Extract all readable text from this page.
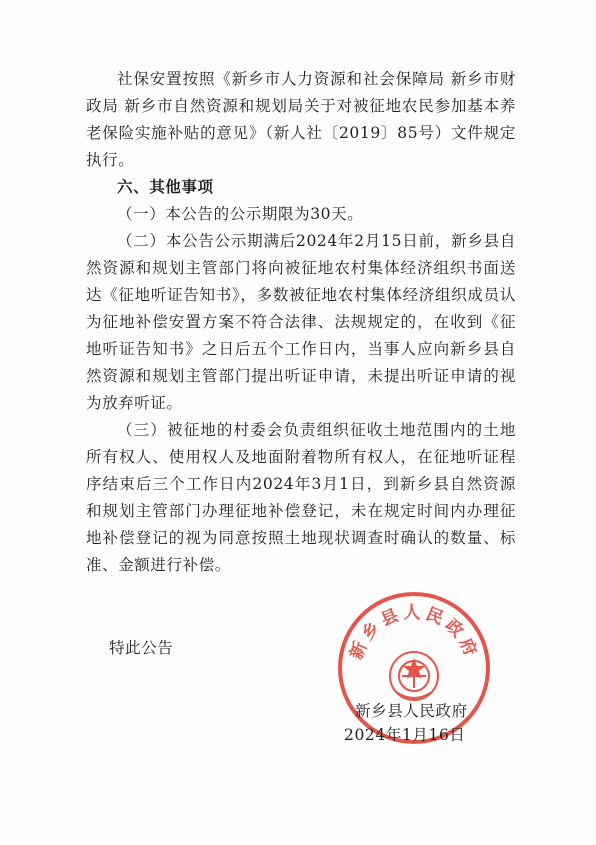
社保安置按照《新乡市人力资源和社会保障局 新乡市财政局 新乡市自然资源和规划局关于对被征地农民参加基本养老保险实施补贴的意见》（新人社〔2019〕85号）文件规定执行。

六、其他事项

（一）本公告的公示期限为30天。

（二）本公告公示期满后2024年2月15日前，新乡县自然资源和规划主管部门将向被征地农村集体经济组织书面送达《征地听证告知书》，多数被征地农村集体经济组织成员认为征地补偿安置方案不符合法律、法规规定的，在收到《征地听证告知书》之日后五个工作日内，当事人应向新乡县自然资源和规划主管部门提出听证申请，未提出听证申请的视为放弃听证。

（三）被征地的村委会负责组织征收土地范围内的土地所有权人、使用权人及地面附着物所有权人，在征地听证程序结束后三个工作日内2024年3月1日，到新乡县自然资源和规划主管部门办理征地补偿登记，未在规定时间内办理征地补偿登记的视为同意按照土地现状调查时确认的数量、标准、金额进行补偿。

特此公告	新乡县人民政府
新乡县人民政府
2024年1月16日
